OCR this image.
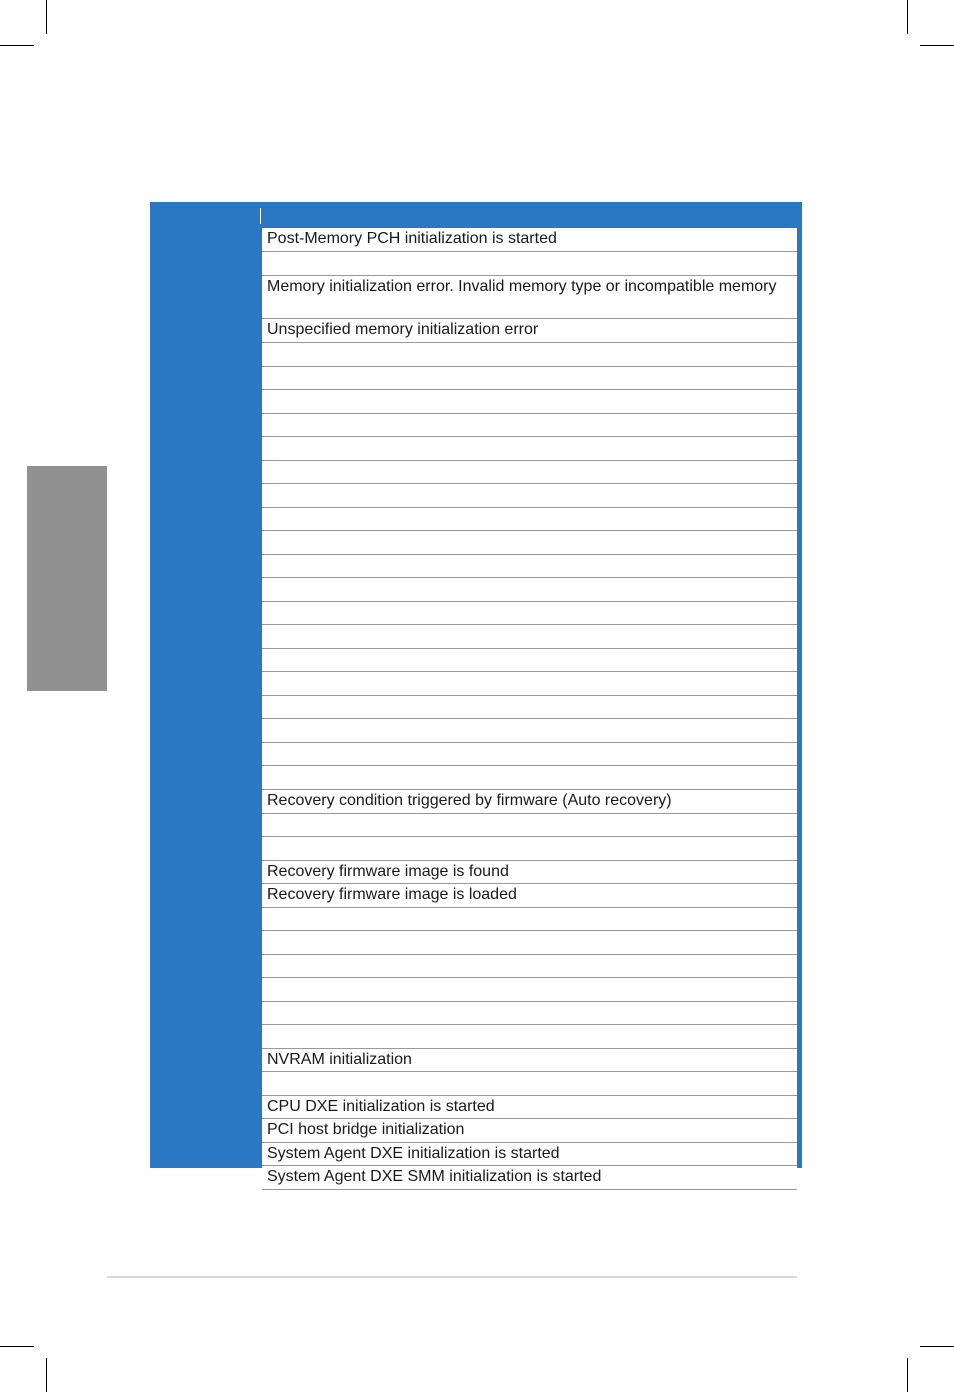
Post-Memory PCH initialization is started
Memory initialization error. Invalid memory type or incompatible memory
Unspecified memory initialization error
Recovery condition triggered by firmware (Auto recovery)
Recovery firmware image is found
Recovery firmware image is loaded
NVRAM initialization
CPU DXE initialization is started
PCI host bridge initialization
System Agent DXE initialization is started
System Agent DXE SMM initialization is started
